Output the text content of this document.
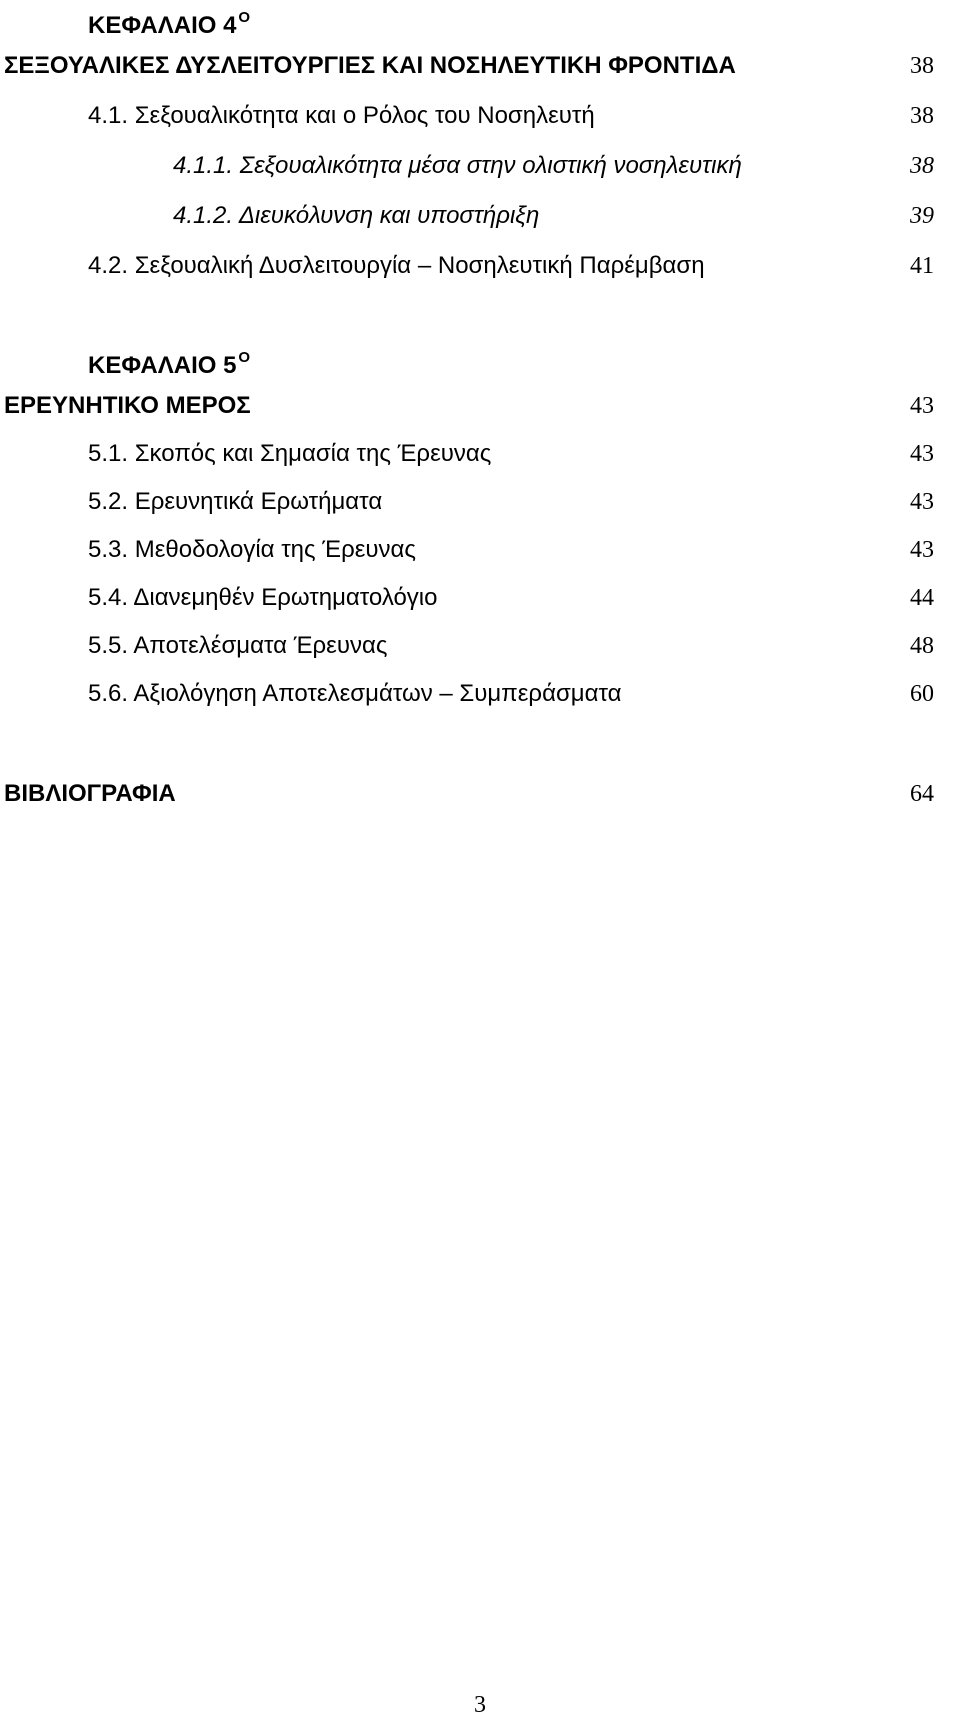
ΚΕΦΑΛΑΙΟ 4 $^O$
ΣΕΞΟΥΑΛΙΚΕΣ ΔΥΣΛΕΙΤΟΥΡΓΙΕΣ ΚΑΙ ΝΟΣΗΛΕΥΤΙΚΗ ΦΡΟΝΤΙΔΑ	38
4.1. Σεξουαλικότητα και ο Ρόλος του Νοσηλευτή	38
4.1.1. Σεξουαλικότητα μέσα στην ολιστική νοσηλευτική	38
4.1.2. Διευκόλυνση και υποστήριξη	39
4.2. Σεξουαλική Δυσλειτουργία – Νοσηλευτική Παρέμβαση	41
ΚΕΦΑΛΑΙΟ 5 $^O$
ΕΡΕΥΝΗΤΙΚΟ ΜΕΡΟΣ	43
5.1. Σκοπός και Σημασία της Έρευνας	43
5.2. Ερευνητικά Ερωτήματα	43
5.3. Μεθοδολογία της Έρευνας	43
5.4. Διανεμηθέν Ερωτηματολόγιο	44
5.5. Αποτελέσματα Έρευνας	48
5.6. Αξιολόγηση Αποτελεσμάτων – Συμπεράσματα	60
ΒΙΒΛΙΟΓΡΑΦΙΑ	64
3
